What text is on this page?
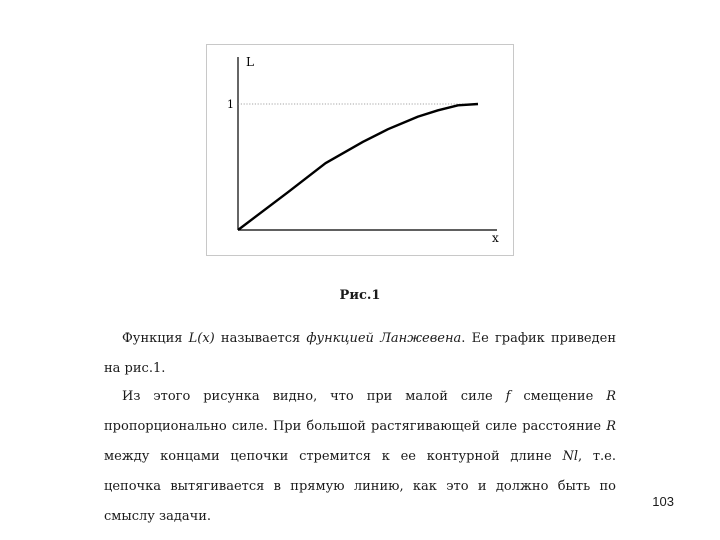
L
x
1
Рис.1

Функция L(x) называется функцией Ланжевена. Ее график приведен на рис.1.

Из этого рисунка видно, что при малой силе f смещение R пропорционально силе. При большой растягивающей силе расстояние R между концами цепочки стремится к ее контурной длине Nl, т.е. цепочка вытягивается в прямую линию, как это и должно быть по смыслу задачи.

103
